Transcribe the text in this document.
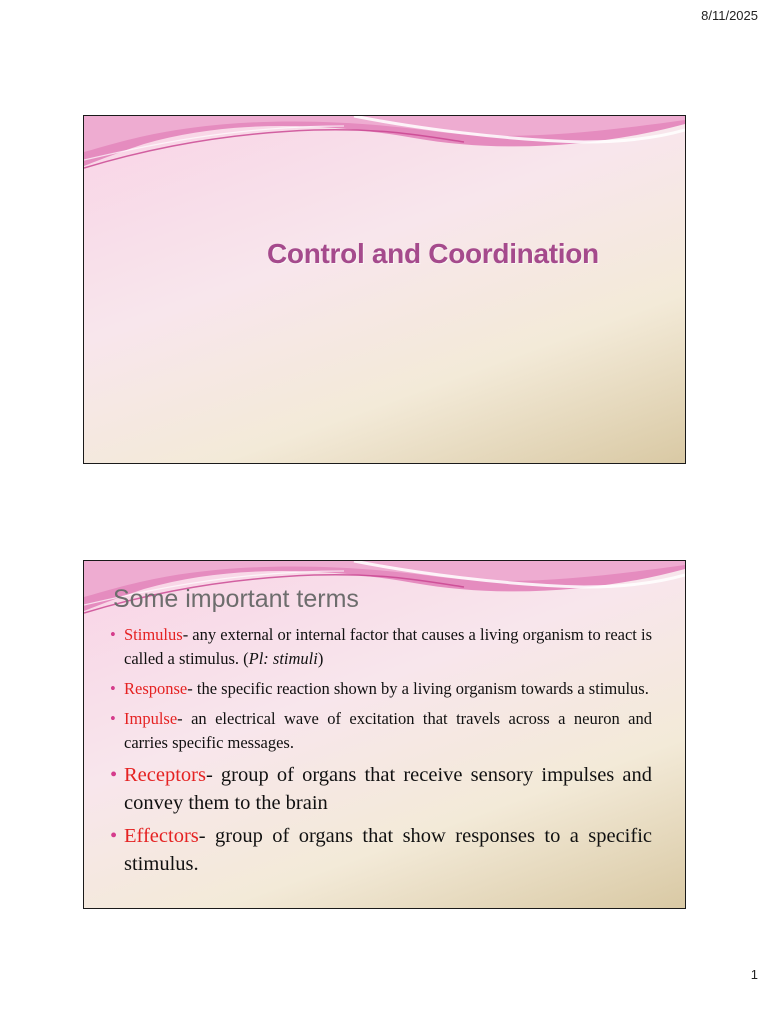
8/11/2025
Control and Coordination
Some important terms
• Stimulus- any external or internal factor that causes a living organism to react is called a stimulus. (Pl: stimuli)
• Response- the specific reaction shown by a living organism towards a stimulus.
• Impulse- an electrical wave of excitation that travels across a neuron and carries specific messages.
• Receptors- group of organs that receive sensory impulses and convey them to the brain
• Effectors- group of organs that show responses to a specific stimulus.
1
